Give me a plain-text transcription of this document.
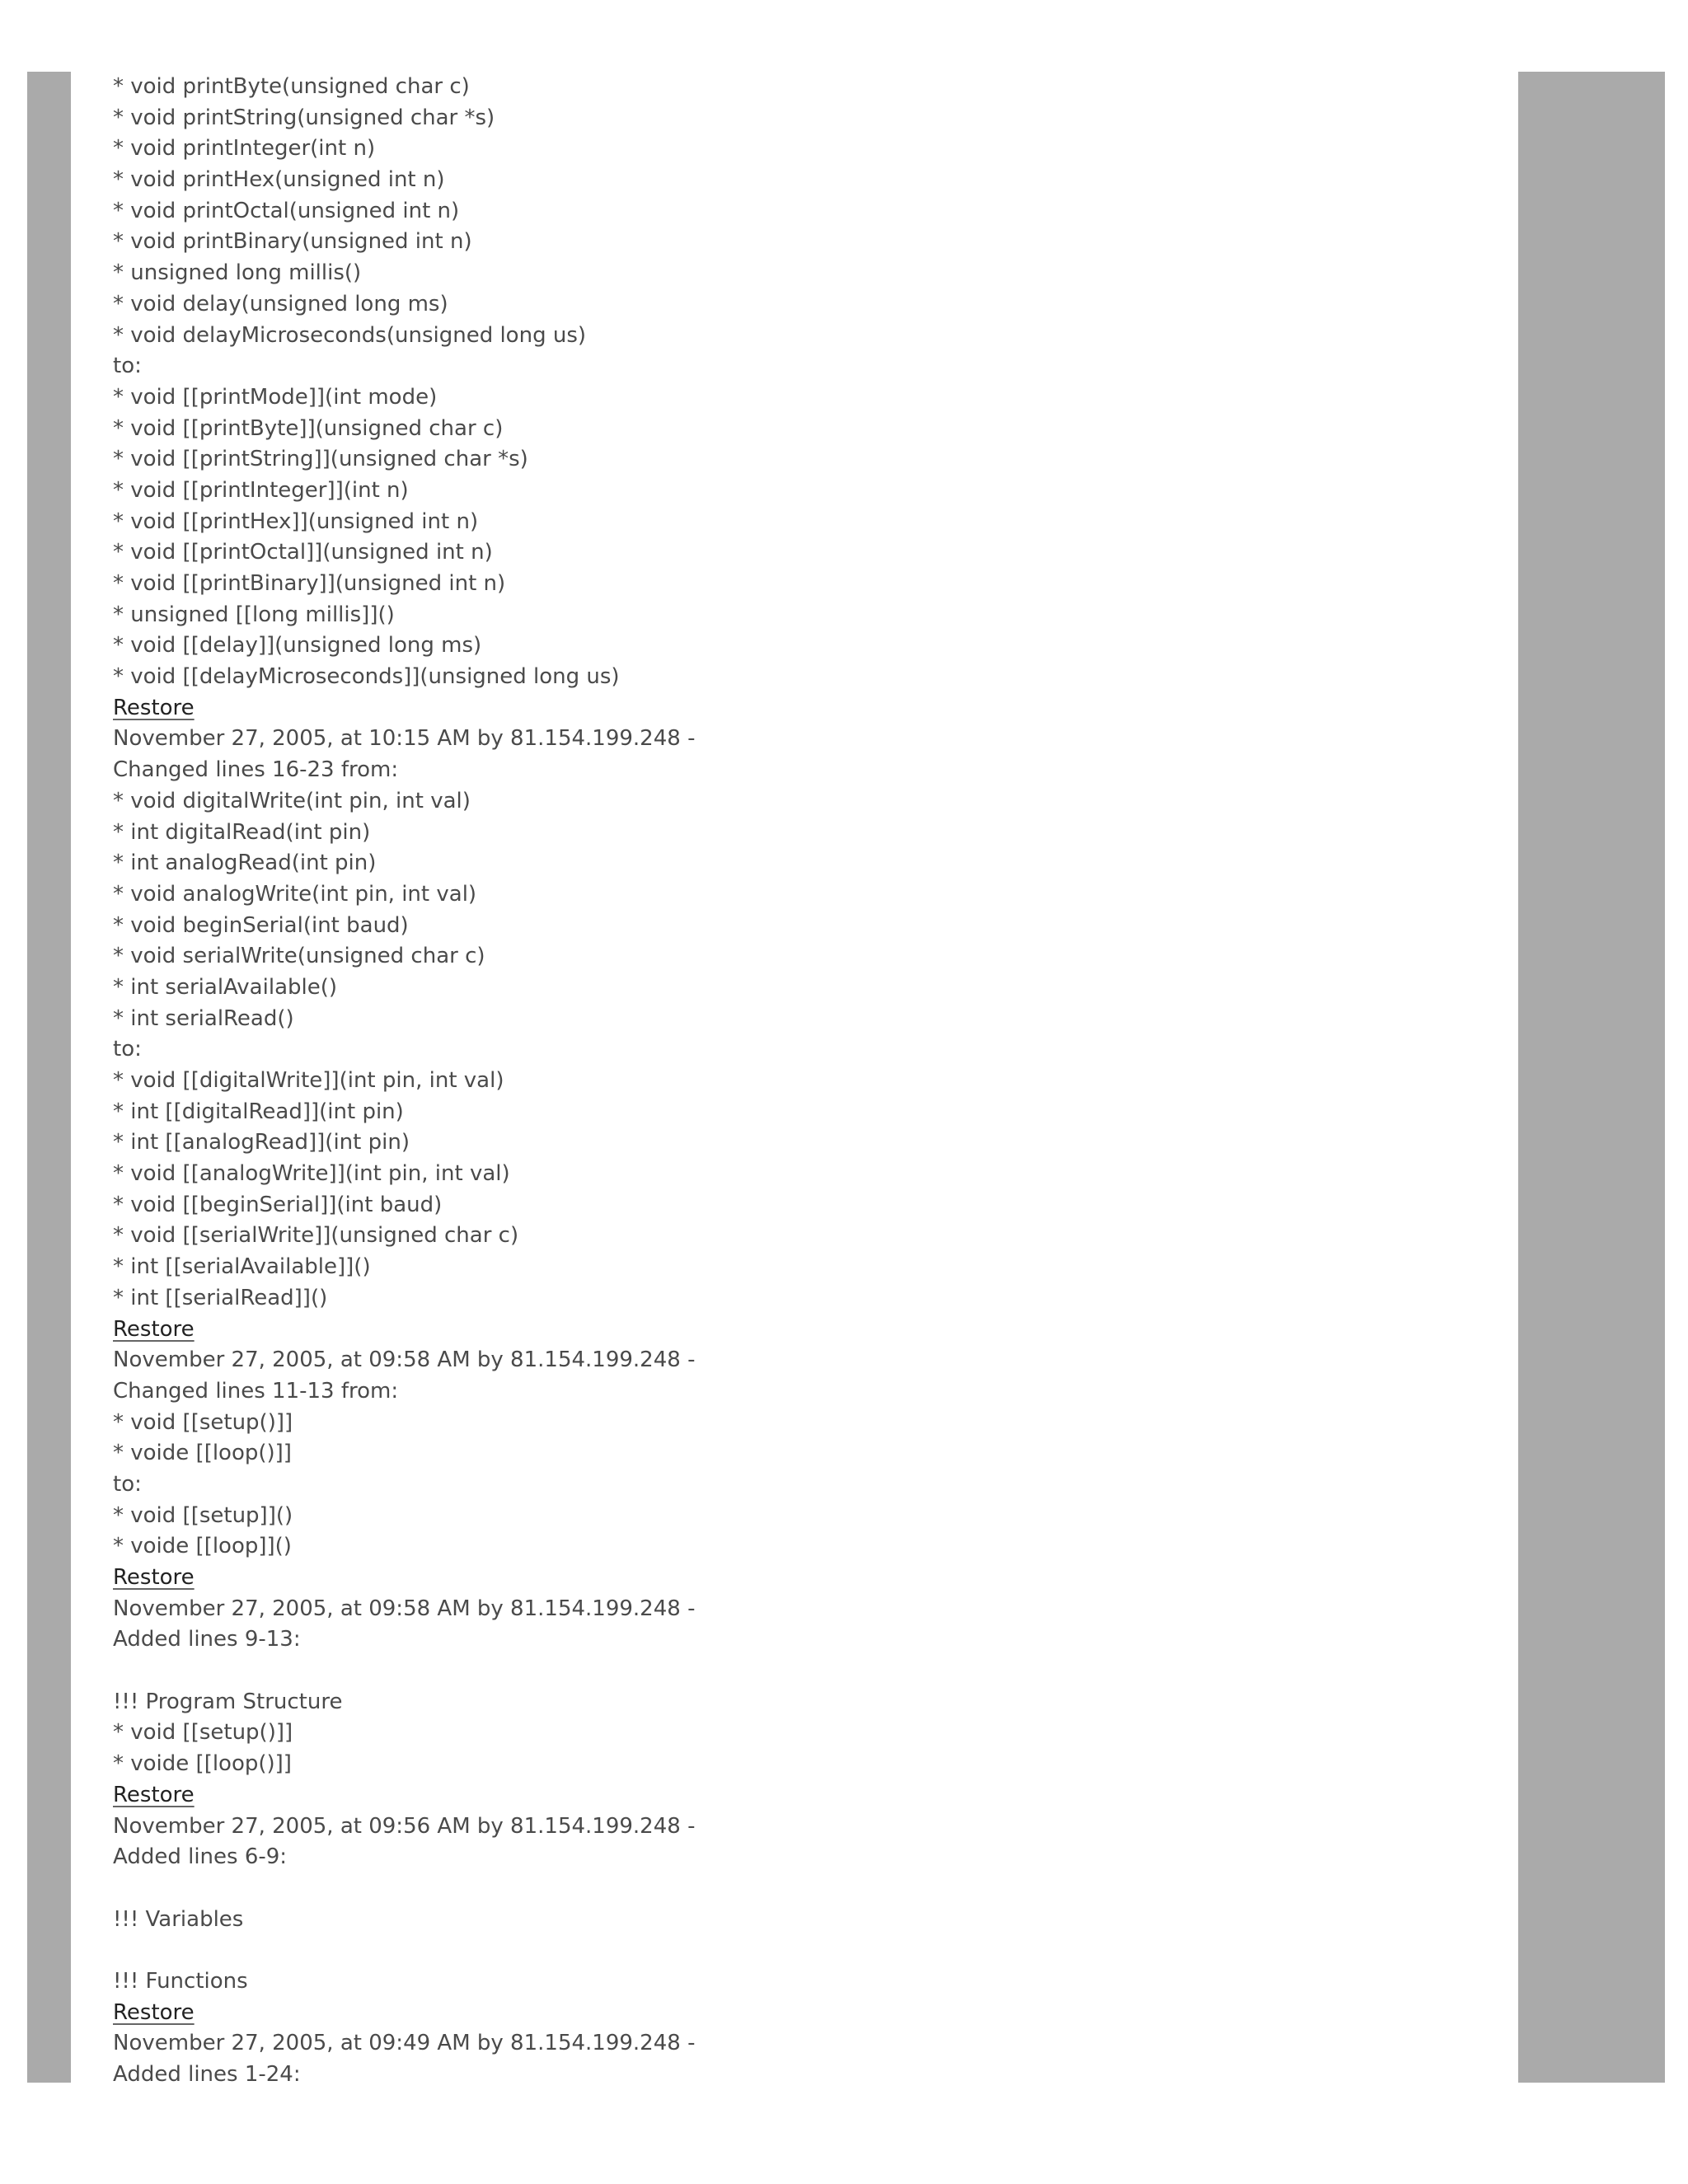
* void printByte(unsigned char c)
* void printString(unsigned char *s)
* void printInteger(int n)
* void printHex(unsigned int n)
* void printOctal(unsigned int n)
* void printBinary(unsigned int n)
* unsigned long millis()
* void delay(unsigned long ms)
* void delayMicroseconds(unsigned long us)
to:
* void [[printMode]](int mode)
* void [[printByte]](unsigned char c)
* void [[printString]](unsigned char *s)
* void [[printInteger]](int n)
* void [[printHex]](unsigned int n)
* void [[printOctal]](unsigned int n)
* void [[printBinary]](unsigned int n)
* unsigned [[long millis]]()
* void [[delay]](unsigned long ms)
* void [[delayMicroseconds]](unsigned long us)
Restore
November 27, 2005, at 10:15 AM by 81.154.199.248 -
Changed lines 16-23 from:
* void digitalWrite(int pin, int val)
* int digitalRead(int pin)
* int analogRead(int pin)
* void analogWrite(int pin, int val)
* void beginSerial(int baud)
* void serialWrite(unsigned char c)
* int serialAvailable()
* int serialRead()
to:
* void [[digitalWrite]](int pin, int val)
* int [[digitalRead]](int pin)
* int [[analogRead]](int pin)
* void [[analogWrite]](int pin, int val)
* void [[beginSerial]](int baud)
* void [[serialWrite]](unsigned char c)
* int [[serialAvailable]]()
* int [[serialRead]]()
Restore
November 27, 2005, at 09:58 AM by 81.154.199.248 -
Changed lines 11-13 from:
* void [[setup()]]
* voide [[loop()]]
to:
* void [[setup]]()
* voide [[loop]]()
Restore
November 27, 2005, at 09:58 AM by 81.154.199.248 -
Added lines 9-13:
!!! Program Structure
* void [[setup()]]
* voide [[loop()]]
Restore
November 27, 2005, at 09:56 AM by 81.154.199.248 -
Added lines 6-9:
!!! Variables
!!! Functions
Restore
November 27, 2005, at 09:49 AM by 81.154.199.248 -
Added lines 1-24:
